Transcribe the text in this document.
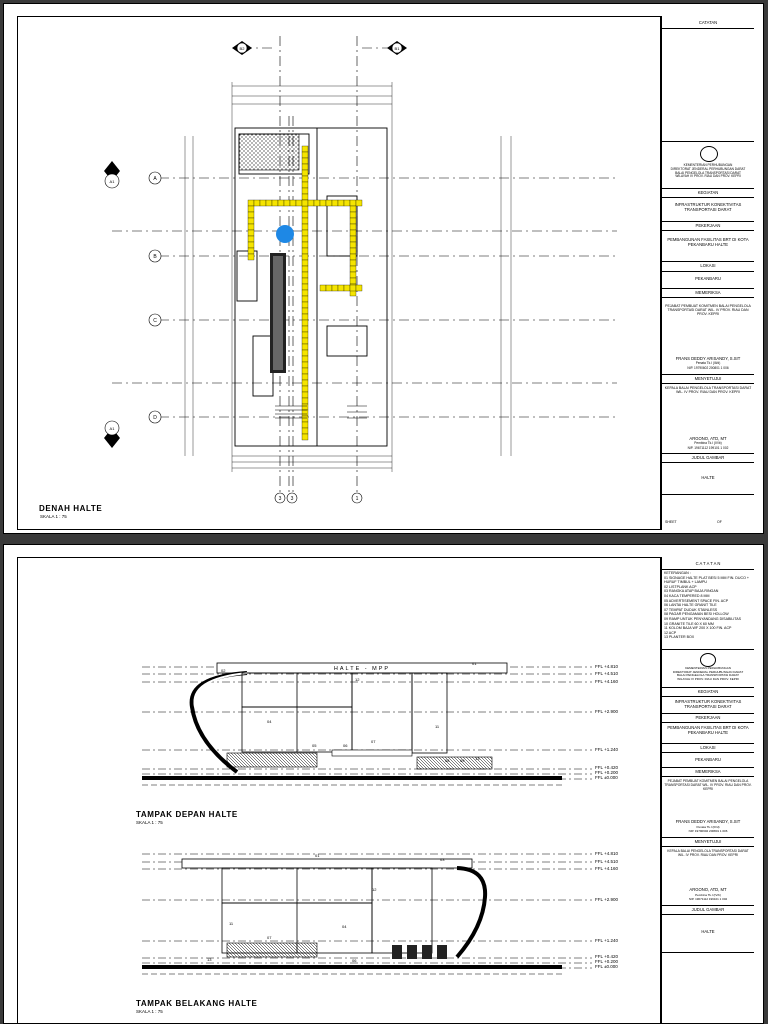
A
B
C
D
3 3	1
B2	B1
A1
A1
DENAH HALTE
SKALA 1 : 75
CATATAN
KEMENTERIAN PERHUBUNGAN
DIREKTORAT JENDERAL PERHUBUNGAN DARAT
BALAI PENGELOLA TRANSPORTASI DARAT
WILAYAH IV PROV. RIAU DAN PROV. KEPRI
KEGIATAN
INFRASTRUKTUR KONEKTIVITAS TRANSPORTASI DARAT
PEKERJAAN
PEMBANGUNAN FASILITAS BRT DI KOTA PEKANBARU HALTE
LOKASI
PEKANBARU
MEMERIKSA
PEJABAT PEMBUAT KOMITMEN BALAI PENGELOLA TRANSPORTASI DARAT WIL. IV PROV. RIAU DAN PROV. KEPRI
FRANS DEDDY ARISANDY, S.SIT
Penata Tk.I (III/d)
NIP. 19790602 200801 1 006
MENYETUJUI
KEPALA BALAI PENGELOLA TRANSPORTASI DARAT WIL. IV PROV. RIAU DAN PROV. KEPRI
ARGONO, ATD, MT
Pembina Tk.I (IV/b)
NIP. 19671112 199101 1 002
JUDUL GAMBAR
HALTE
SHEET	OF
HALTE - MPP	FFL +4.810
FFL +4.510
FFL +4.160
FFL +2.900
FFL +1.240
FFL +0.420
FFL +0.200
FFL ±0.000
FFL +4.810
FFL +4.510
FFL +4.160
FFL +2.900
FFL +1.240
FFL +0.420
FFL +0.200
FFL ±0.000
02
01
12
04
05	06
07
11
08	09	13
01
03
12
11
07
04
13	06
TAMPAK DEPAN HALTE
SKALA 1 : 75
TAMPAK BELAKANG HALTE
SKALA 1 : 75
C A T A T A N
KETERANGAN :
01 SIGNAGE HALTE PLAT BESI 5 MM FIN. DUCO + HURUF TIMBUL + LAMPU
02 LISTPLANK ACP
03 RANGKA ATAP BAJA RINGAN
04 KACA TEMPERED 8 MM
05 ADVERTISEMENT SPACE FIN. ACP
06 LANTAI HALTE GRANIT TILE
07 TEMPAT DUDUK STAINLESS
08 PAGAR PENGAMAN BESI HOLLOW
09 RAMP UNTUK PENYANDANG DISABILITAS
10 GRANITE TILE 60 X 60 MM
11 KOLOM BAJA WF 200 X 100 FIN. ACP
12 ACP
13 PLANTER BOX
KEMENTERIAN PERHUBUNGAN
DIREKTORAT JENDERAL PERHUBUNGAN DARAT
BALAI PENGELOLA TRANSPORTASI DARAT
WILAYAH IV PROV. RIAU DAN PROV. KEPRI
KEGIATAN
INFRASTRUKTUR KONEKTIVITAS TRANSPORTASI DARAT
PEKERJAAN
PEMBANGUNAN FASILITAS BRT DI KOTA PEKANBARU HALTE
LOKASI
PEKANBARU
MEMERIKSA
PEJABAT PEMBUAT KOMITMEN BALAI PENGELOLA TRANSPORTASI DARAT WIL. IV PROV. RIAU DAN PROV. KEPRI
FRANS DEDDY ARISANDY, S.SIT
Penata Tk.I (III/d)
NIP. 19790602 200801 1 006
MENYETUJUI
KEPALA BALAI PENGELOLA TRANSPORTASI DARAT WIL. IV PROV. RIAU DAN PROV. KEPRI
ARGONO, ATD, MT
Pembina Tk.I (IV/b)
NIP. 19671112 199101 1 002
JUDUL GAMBAR
HALTE
